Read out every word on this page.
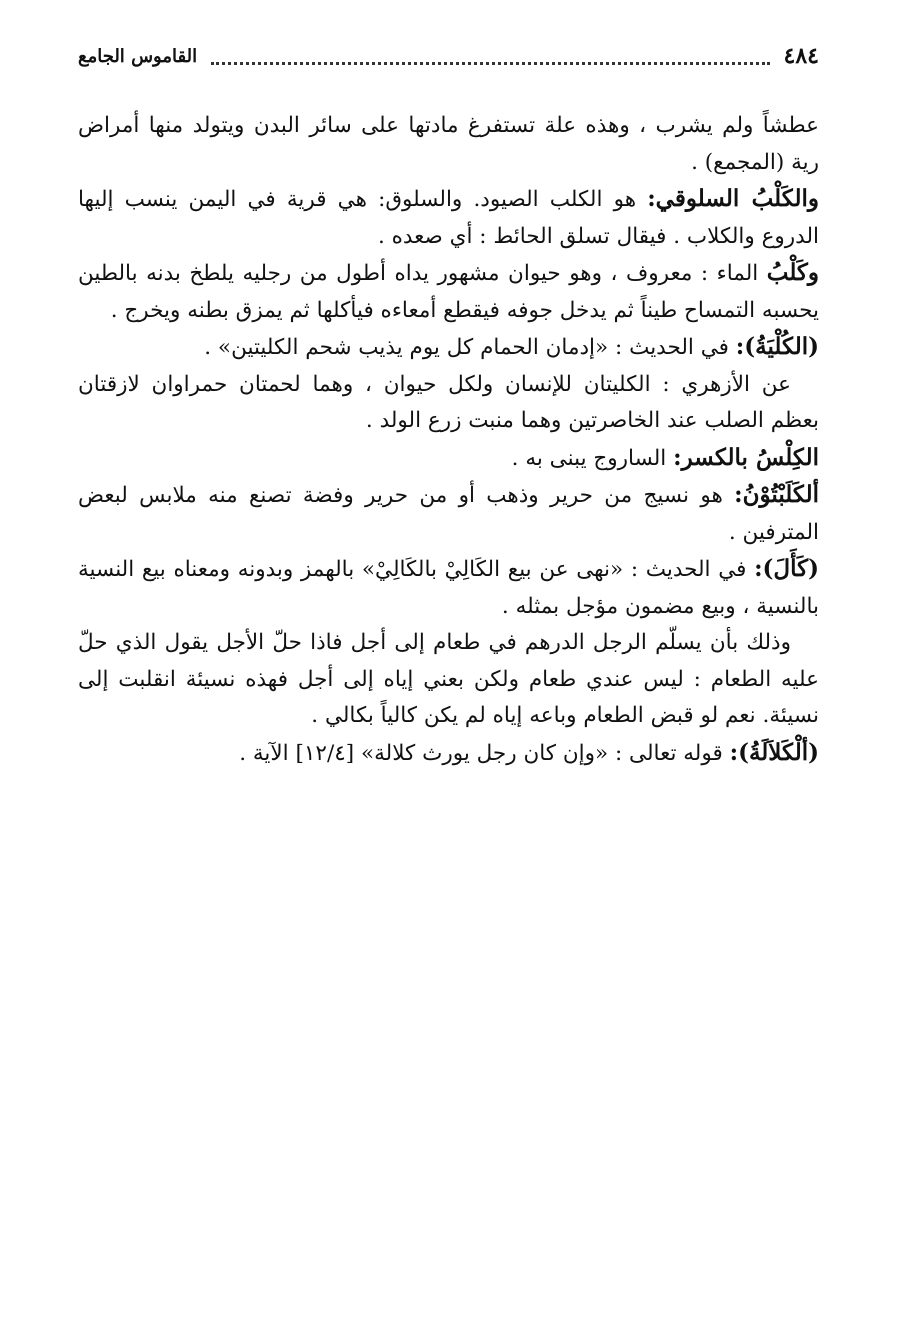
٤٨٤
القاموس الجامع

عطشاً ولم يشرب ، وهذه علة تستفرغ مادتها على سائر البدن ويتولد منها أمراض رية (المجمع) .

والكَلْبُ السلوقي: هو الكلب الصيود. والسلوق: هي قرية في اليمن ينسب إليها الدروع والكلاب . فيقال تسلق الحائط : أي صعده .

وكَلْبُ الماء : معروف ، وهو حيوان مشهور يداه أطول من رجليه يلطخ بدنه بالطين يحسبه التمساح طيناً ثم يدخل جوفه فيقطع أمعاءه فيأكلها ثم يمزق بطنه ويخرج .

(الكُلْيَةُ): في الحديث : «إدمان الحمام كل يوم يذيب شحم الكليتين» .

عن الأزهري : الكليتان للإنسان ولكل حيوان ، وهما لحمتان حمراوان لازقتان بعظم الصلب عند الخاصرتين وهما منبت زرع الولد .

الكِلْسُ بالكسر: الساروج يبنى به .

ألكَلَبْتُوْنُ: هو نسيج من حرير وذهب أو من حرير وفضة تصنع منه ملابس لبعض المترفين .

(كَأَلَ): في الحديث : «نهى عن بيع الكَالِيْ بالكَالِيْ» بالهمز وبدونه ومعناه بيع النسية بالنسية ، وبيع مضمون مؤجل بمثله .

وذلك بأن يسلّم الرجل الدرهم في طعام إلى أجل فاذا حلّ الأجل يقول الذي حلّ عليه الطعام : ليس عندي طعام ولكن بعني إياه إلى أجل فهذه نسيئة انقلبت إلى نسيئة. نعم لو قبض الطعام وباعه إياه لم يكن كالياً بكالي .

(ألْكَلاَلَةُ): قوله تعالى : «وإن كان رجل يورث كلالة» [١٢/٤] الآية .
